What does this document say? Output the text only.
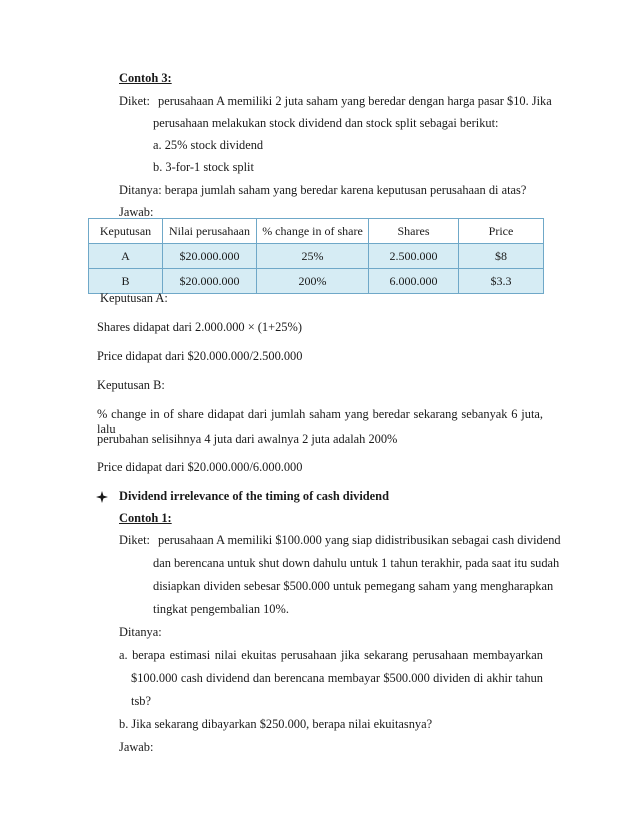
Contoh 3:
Diket: perusahaan A memiliki 2 juta saham yang beredar dengan harga pasar $10. Jika
perusahaan melakukan stock dividend dan stock split sebagai berikut:
a. 25% stock dividend
b. 3-for-1 stock split
Ditanya: berapa jumlah saham yang beredar karena keputusan perusahaan di atas?
Jawab:
Keputusan	Nilai perusahaan	% change in of share	Shares	Price
A	$20.000.000	25%	2.500.000	$8
B	$20.000.000	200%	6.000.000	$3.3
Keputusan A:
Shares didapat dari 2.000.000 × (1+25%)
Price didapat dari $20.000.000/2.500.000
Keputusan B:
% change in of share didapat dari jumlah saham yang beredar sekarang sebanyak 6 juta, lalu
perubahan selisihnya 4 juta dari awalnya 2 juta adalah 200%
Price didapat dari $20.000.000/6.000.000
Dividend irrelevance of the timing of cash dividend
Contoh 1:
Diket: perusahaan A memiliki $100.000 yang siap didistribusikan sebagai cash dividend
dan berencana untuk shut down dahulu untuk 1 tahun terakhir, pada saat itu sudah
disiapkan dividen sebesar $500.000 untuk pemegang saham yang mengharapkan
tingkat pengembalian 10%.
Ditanya:
a. berapa estimasi nilai ekuitas perusahaan jika sekarang perusahaan membayarkan
$100.000 cash dividend dan berencana membayar $500.000 dividen di akhir tahun
tsb?
b. Jika sekarang dibayarkan $250.000, berapa nilai ekuitasnya?
Jawab:
